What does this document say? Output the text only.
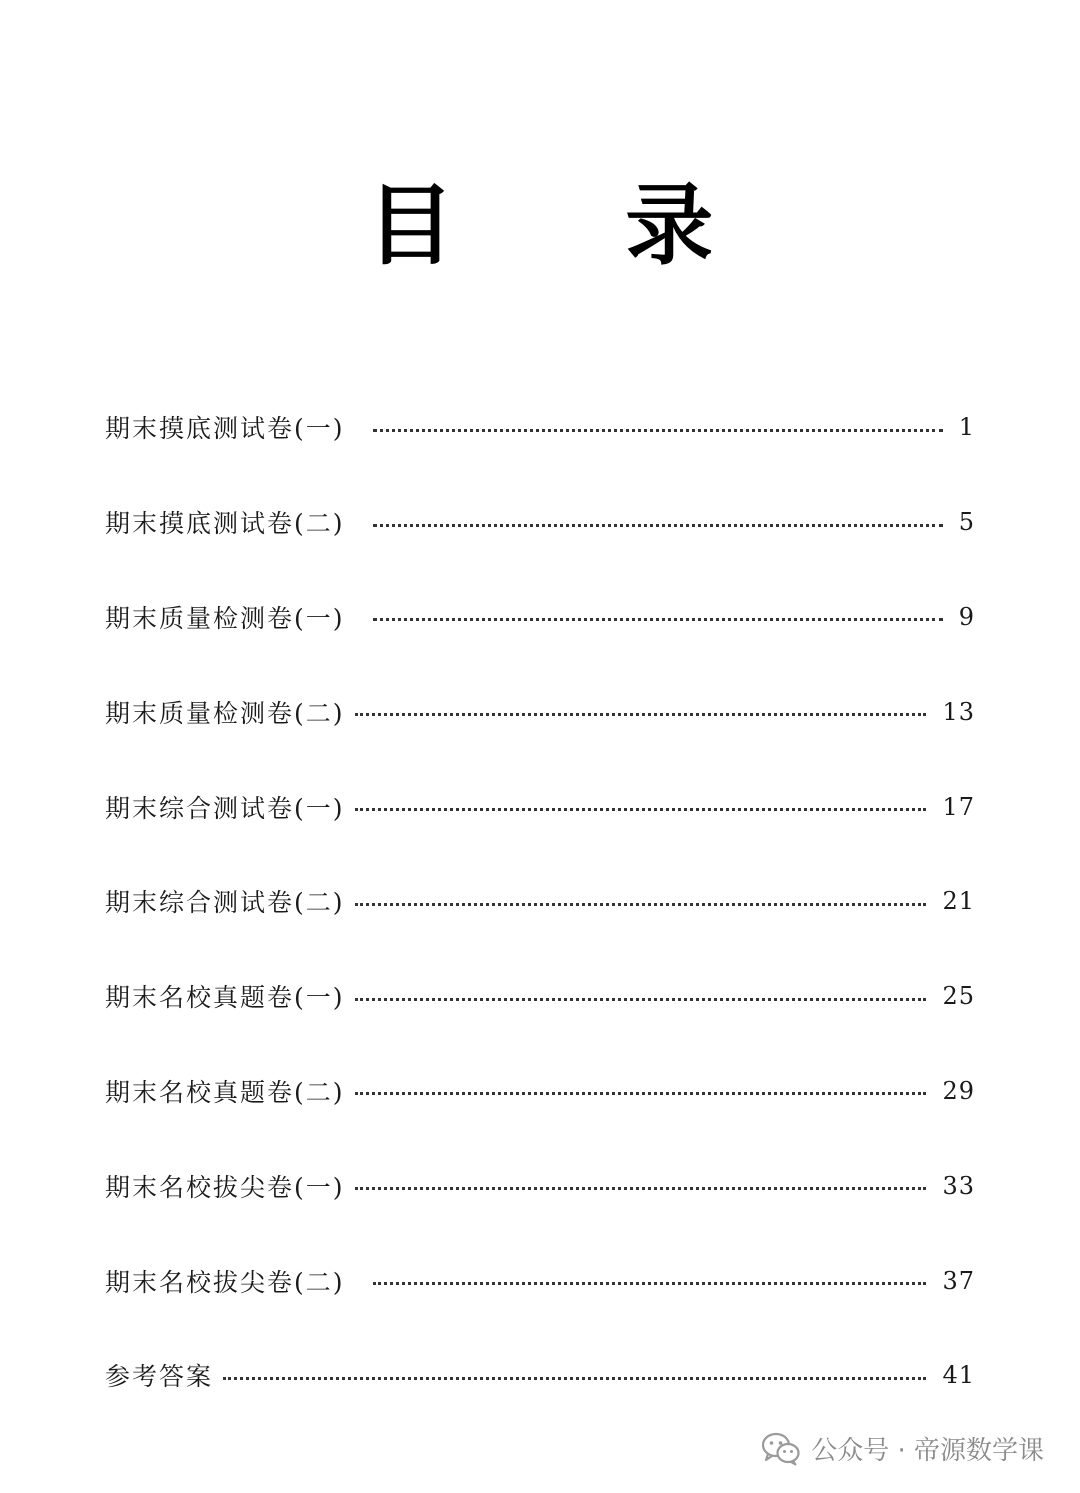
目 录
期末摸底测试卷(一)	1
期末摸底测试卷(二)	5
期末质量检测卷(一)	9
期末质量检测卷(二)	13
期末综合测试卷(一)	17
期末综合测试卷(二)	21
期末名校真题卷(一)	25
期末名校真题卷(二)	29
期末名校拔尖卷(一)	33
期末名校拔尖卷(二)	37
参考答案	41
公众号 · 帝源数学课
